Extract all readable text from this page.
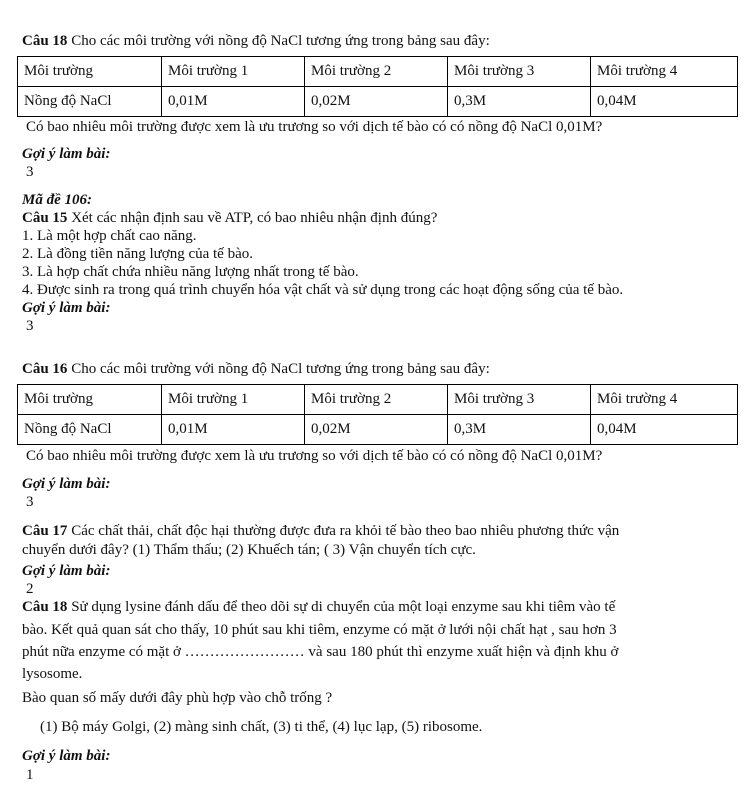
Câu 18 Cho các môi trường với nồng độ NaCl tương ứng trong bảng sau đây:
Môi trường	Môi trường 1	Môi trường 2	Môi trường 3	Môi trường 4
Nồng độ NaCl	0,01M	0,02M	0,3M	0,04M
Có bao nhiêu môi trường được xem là ưu trương so với dịch tế bào có có nồng độ NaCl 0,01M?
Gợi ý làm bài:
3
Mã đề 106:
Câu 15 Xét các nhận định sau về ATP, có bao nhiêu nhận định đúng?
1. Là một hợp chất cao năng.
2. Là đồng tiền năng lượng của tế bào.
3. Là hợp chất chứa nhiều năng lượng nhất trong tế bào.
4. Được sinh ra trong quá trình chuyển hóa vật chất và sử dụng trong các hoạt động sống của tế bào.
Gợi ý làm bài:
3
Câu 16 Cho các môi trường với nồng độ NaCl tương ứng trong bảng sau đây:
Môi trường	Môi trường 1	Môi trường 2	Môi trường 3	Môi trường 4
Nồng độ NaCl	0,01M	0,02M	0,3M	0,04M
Có bao nhiêu môi trường được xem là ưu trương so với dịch tế bào có có nồng độ NaCl 0,01M?
Gợi ý làm bài:
3
Câu 17 Các chất thải, chất độc hại thường được đưa ra khỏi tế bào theo bao nhiêu phương thức vận
chuyển dưới đây? (1) Thẩm thấu; (2) Khuếch tán; ( 3) Vận chuyển tích cực.
Gợi ý làm bài:
2
Câu 18 Sử dụng lysine đánh dấu để theo dõi sự di chuyển của một loại enzyme sau khi tiêm vào tế
bào. Kết quả quan sát cho thấy, 10 phút sau khi tiêm, enzyme có mặt ở lưới nội chất hạt , sau hơn 3
phút nữa enzyme có mặt ở …………………… và sau 180 phút thì enzyme xuất hiện và định khu ở
lysosome.
Bào quan số mấy dưới đây phù hợp vào chỗ trống ?
(1) Bộ máy Golgi, (2) màng sinh chất, (3) ti thể, (4) lục lạp, (5) ribosome.
Gợi ý làm bài:
1
